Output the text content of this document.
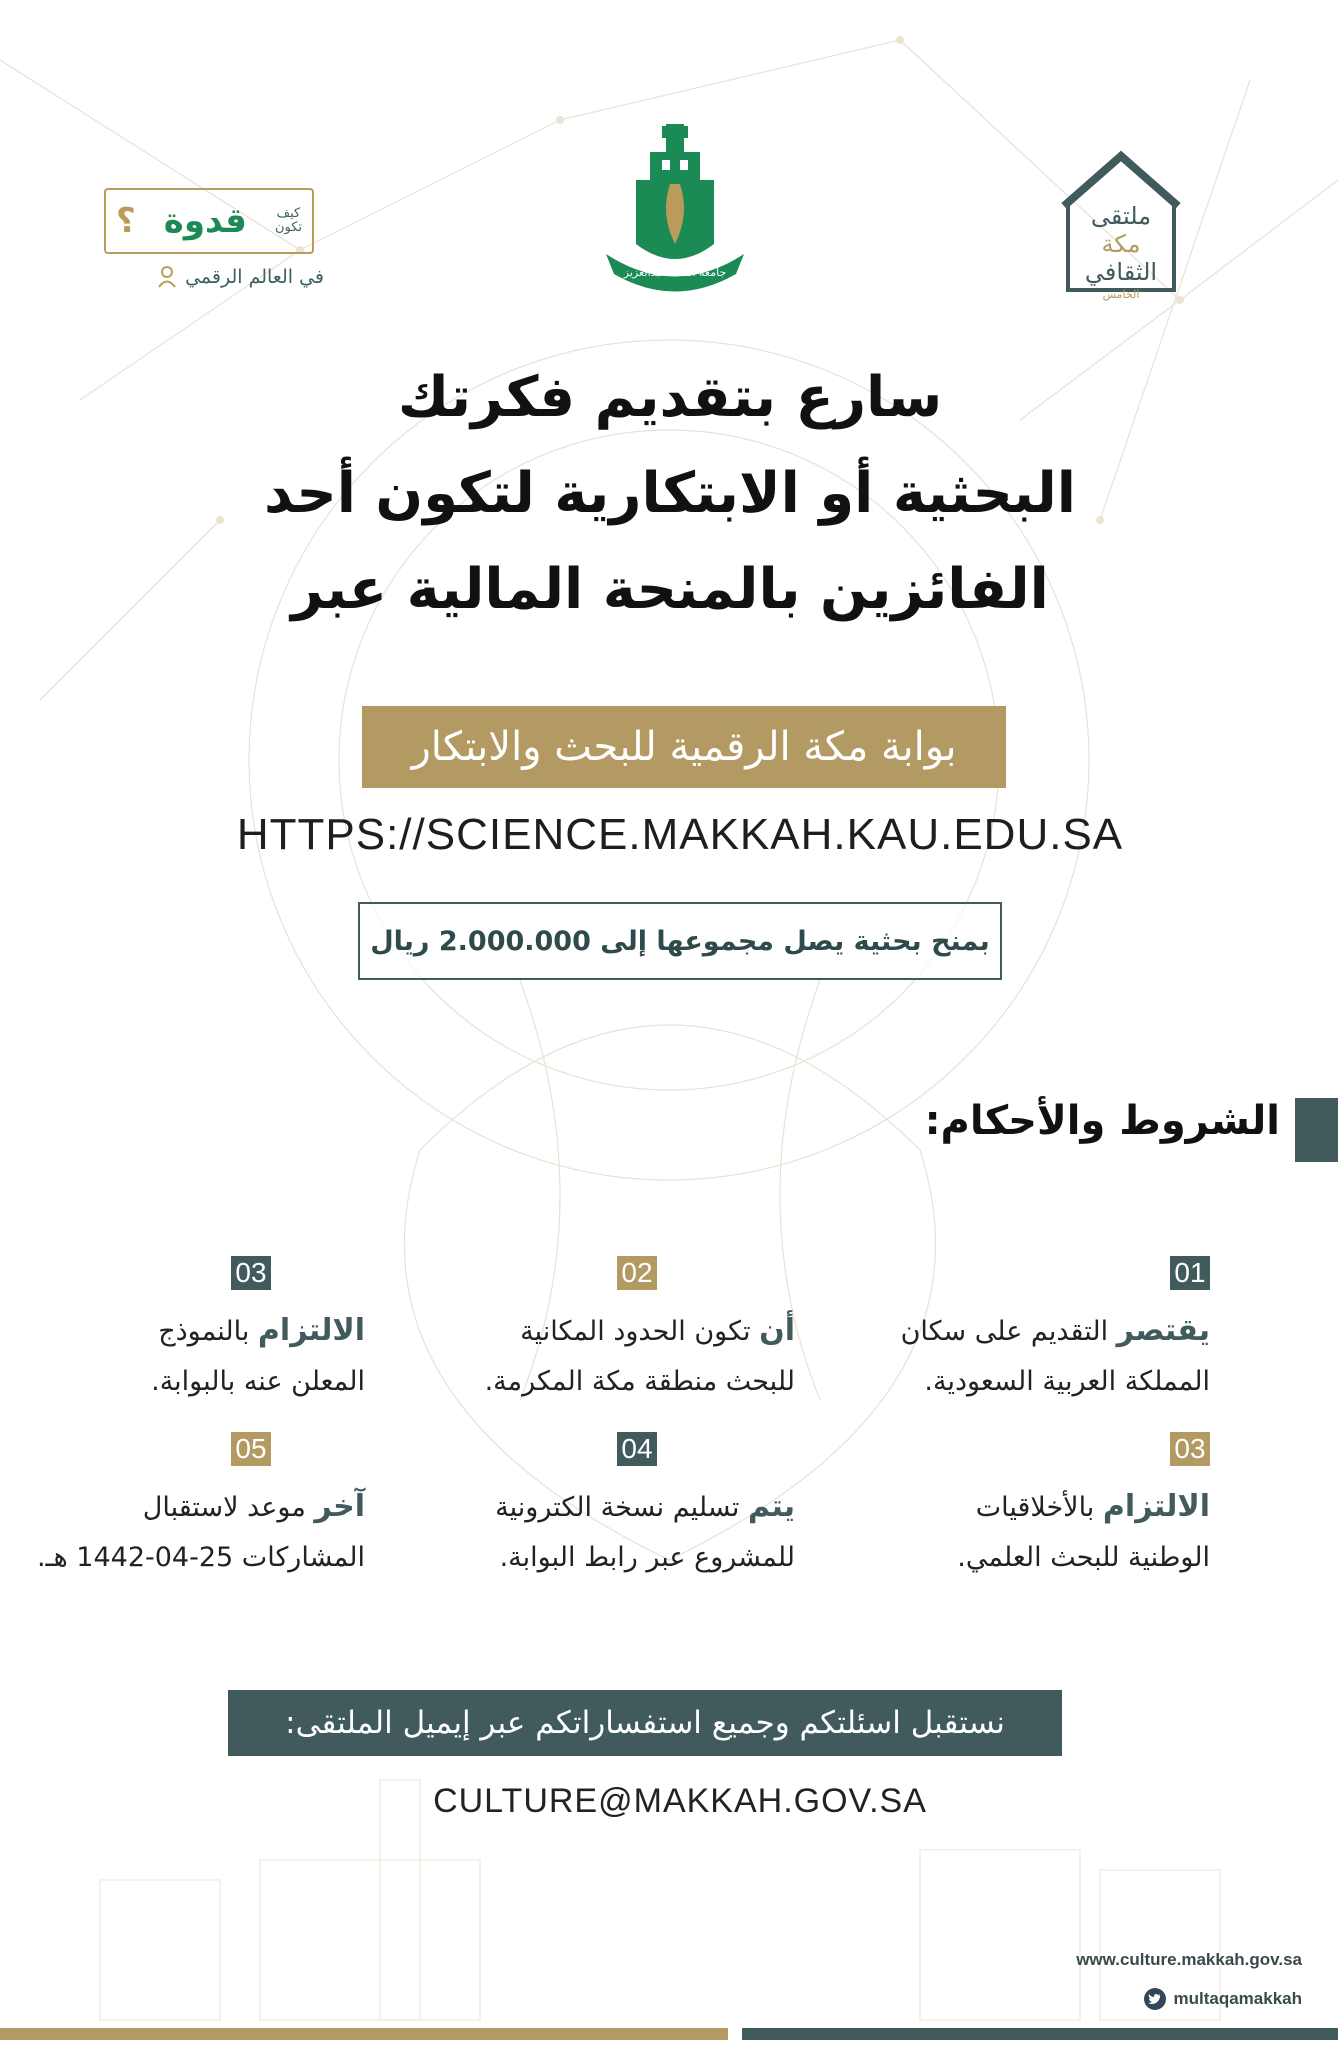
كيف
تكون
قدوة
؟
في العالم الرقمي	جامعة الملك عبدالعزيز
ملتقى
مكة
الثقافي
الخامس
سارع بتقديم فكرتك
البحثية أو الابتكارية لتكون أحد
الفائزين بالمنحة المالية عبر
بوابة مكة الرقمية للبحث والابتكار
HTTPS://SCIENCE.MAKKAH.KAU.EDU.SA
بمنح بحثية يصل مجموعها إلى 2.000.000 ريال
الشروط والأحكام:
01
يقتصر التقديم على سكان
المملكة العربية السعودية.
02
أن تكون الحدود المكانية
للبحث منطقة مكة المكرمة.
03
الالتزام بالنموذج
المعلن عنه بالبوابة.
03
الالتزام بالأخلاقيات
الوطنية للبحث العلمي.
04
يتم تسليم نسخة الكترونية
للمشروع عبر رابط البوابة.
05
آخر موعد لاستقبال
المشاركات 25-04-1442 هـ.
نستقبل اسئلتكم وجميع استفساراتكم عبر إيميل الملتقى:
CULTURE@MAKKAH.GOV.SA
www.culture.makkah.gov.sa
multaqamakkah
